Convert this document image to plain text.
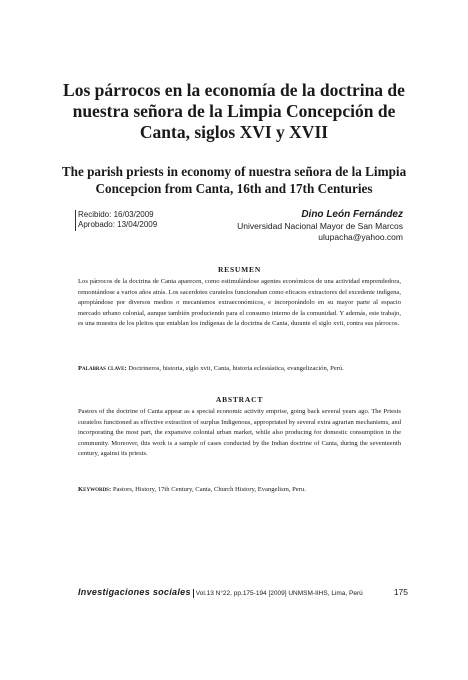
Los párrocos en la economía de la doctrina de
nuestra señora de la Limpia Concepción de
Canta, siglos XVI y XVII
The parish priests in economy of nuestra señora de la Limpia
Concepcion from Canta, 16th and 17th Centuries
Recibido: 16/03/2009
Aprobado: 13/04/2009
Dino León Fernández
Universidad Nacional Mayor de San Marcos
ulupacha@yahoo.com
RESUMEN
Los párrocos de la doctrina de Canta aparecen, como estimulándose agentes económicos de una actividad emprendedora, remontándose a varios años atrás. Los sacerdotes curatelos funcionaban como eficaces extractores del excedente indígena, apropiándose por diversos medios o mecanismos extraeconómicos, e incorporándolo en su mayor parte al espacio mercado urbano colonial, aunque también produciendo para el consumo interno de la comunidad. Y además, este trabajo, es una muestra de los pleitos que entablan los indígenas de la doctrina de Canta, durante el siglo xvii, contra sus párrocos.
Palabras clave: Doctrineros, historia, siglo xvii, Canta, historia eclesiástica, evangelización, Perú.
ABSTRACT
Pastors of the doctrine of Canta appear as a special economic activity emprise, going back several years ago. The Priests curatelos functioned as effective extraction of surplus Indigenous, appropriated by several extra agrarian mechanisms, and incorporating the most part, the expansive colonial urban market, while also producing for domestic consumption in the community. Moreover, this work is a sample of cases conducted by the Indian doctrine of Canta, during the seventeenth century, against its priests.
Keywords: Pastors, History, 17th Century, Canta, Church History, Evangelism, Peru.
Investigaciones sociales Vol.13 N°22, pp.175-194 [2009] UNMSM-IIHS, Lima, Perú	175
